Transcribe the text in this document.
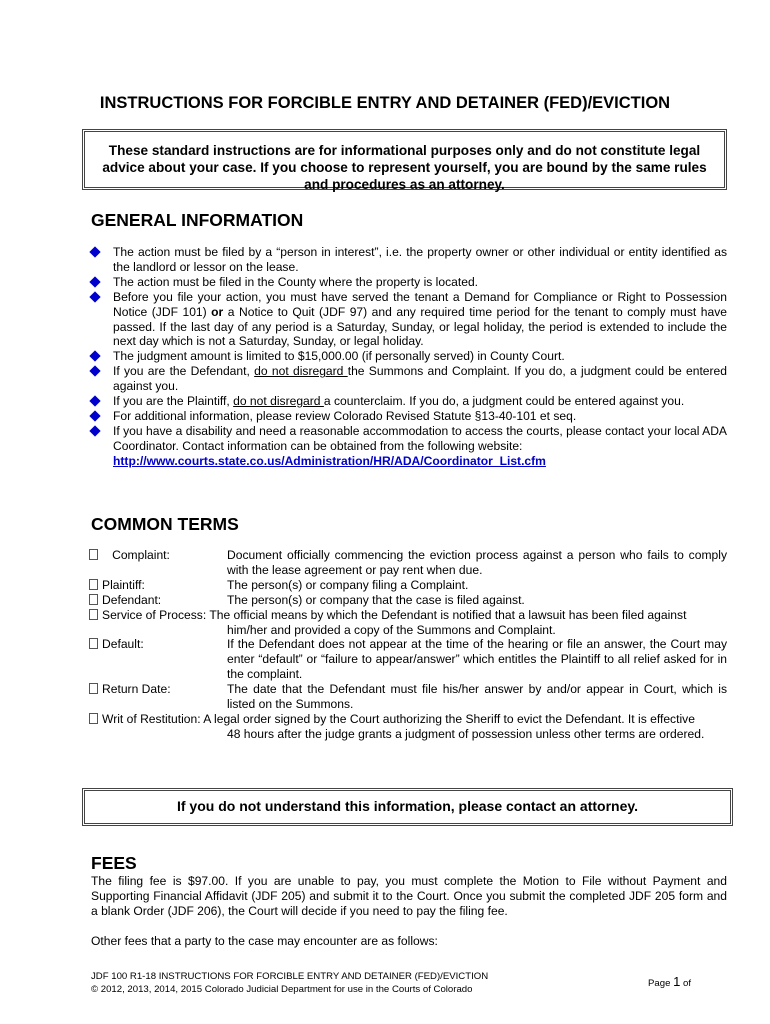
INSTRUCTIONS FOR FORCIBLE ENTRY AND DETAINER (FED)/EVICTION
These standard instructions are for informational purposes only and do not constitute legal advice about your case. If you choose to represent yourself, you are bound by the same rules and procedures as an attorney.
GENERAL INFORMATION
The action must be filed by a “person in interest”, i.e. the property owner or other individual or entity identified as the landlord or lessor on the lease.
The action must be filed in the County where the property is located.
Before you file your action, you must have served the tenant a Demand for Compliance or Right to Possession Notice (JDF 101) or a Notice to Quit (JDF 97) and any required time period for the tenant to comply must have passed. If the last day of any period is a Saturday, Sunday, or legal holiday, the period is extended to include the next day which is not a Saturday, Sunday, or legal holiday.
The judgment amount is limited to $15,000.00 (if personally served) in County Court.
If you are the Defendant, do not disregard the Summons and Complaint. If you do, a judgment could be entered against you.
If you are the Plaintiff, do not disregard a counterclaim. If you do, a judgment could be entered against you.
For additional information, please review Colorado Revised Statute §13-40-101 et seq.
If you have a disability and need a reasonable accommodation to access the courts, please contact your local ADA Coordinator. Contact information can be obtained from the following website:
http://www.courts.state.co.us/Administration/HR/ADA/Coordinator_List.cfm
COMMON TERMS
Complaint:	Document officially commencing the eviction process against a person who fails to comply with the lease agreement or pay rent when due.
Plaintiff:	The person(s) or company filing a Complaint.
Defendant:	The person(s) or company that the case is filed against.
Service of Process: The official means by which the Defendant is notified that a lawsuit has been filed against
him/her and provided a copy of the Summons and Complaint.
Default:	If the Defendant does not appear at the time of the hearing or file an answer, the Court may enter “default” or “failure to appear/answer” which entitles the Plaintiff to all relief asked for in the complaint.
Return Date:	The date that the Defendant must file his/her answer by and/or appear in Court, which is listed on the Summons.
Writ of Restitution: A legal order signed by the Court authorizing the Sheriff to evict the Defendant. It is effective
48 hours after the judge grants a judgment of possession unless other terms are ordered.
If you do not understand this information, please contact an attorney.
FEES

The filing fee is $97.00. If you are unable to pay, you must complete the Motion to File without Payment and Supporting Financial Affidavit (JDF 205) and submit it to the Court. Once you submit the completed JDF 205 form and a blank Order (JDF 206), the Court will decide if you need to pay the filing fee.

Other fees that a party to the case may encounter are as follows:

JDF 100 R1-18 INSTRUCTIONS FOR FORCIBLE ENTRY AND DETAINER (FED)/EVICTION
© 2012, 2013, 2014, 2015 Colorado Judicial Department for use in the Courts of Colorado	Page 1 of
